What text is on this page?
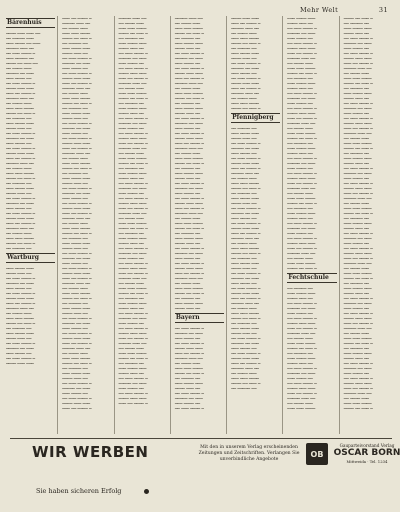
Mehr Welt	31
Bärenhuis
┅┅┅┅ ┅┅┅ ┅┅┅ ┅┅
┅┅ ┅┅┅┅┅ ┅┅┅
┅┅┅ ┅┅┅┅ ┅┅ ┅┅┅
┅┅┅┅┅ ┅┅┅ ┅┅
┅┅ ┅┅┅ ┅┅┅┅ ┅
┅┅┅ ┅┅┅┅┅ ┅┅
┅┅┅┅ ┅┅ ┅┅┅ ┅┅
┅┅ ┅┅┅┅ ┅┅┅
┅┅┅┅┅ ┅┅ ┅┅┅
┅┅┅ ┅┅┅┅ ┅┅
┅┅ ┅┅┅ ┅┅┅┅ ┅
┅┅┅┅ ┅┅┅ ┅┅┅
┅┅┅ ┅┅ ┅┅┅┅ ┅
┅┅┅┅┅ ┅┅┅ ┅┅
┅┅ ┅┅┅┅ ┅┅┅
┅┅┅ ┅┅┅ ┅┅┅┅
┅┅┅┅ ┅┅ ┅┅┅ ┅
┅┅ ┅┅┅┅┅ ┅┅
┅┅┅ ┅┅┅┅ ┅┅┅
┅┅┅┅ ┅┅┅ ┅┅
┅┅ ┅┅┅ ┅┅┅┅ ┅
┅┅┅┅┅ ┅┅ ┅┅┅
┅┅┅ ┅┅┅┅ ┅┅
┅┅ ┅┅┅ ┅┅┅┅ ┅
┅┅┅┅ ┅┅┅ ┅┅┅
┅┅┅ ┅┅ ┅┅┅┅ ┅
┅┅┅┅┅ ┅┅┅ ┅┅
┅┅ ┅┅┅┅ ┅┅┅
┅┅┅ ┅┅┅ ┅┅┅┅
┅┅┅┅ ┅┅ ┅┅┅ ┅
┅┅ ┅┅┅┅┅ ┅┅
┅┅┅ ┅┅┅┅ ┅┅┅
┅┅┅┅ ┅┅┅ ┅┅
┅┅ ┅┅┅ ┅┅┅┅ ┅
┅┅┅┅┅ ┅┅ ┅┅┅
┅┅┅ ┅┅┅┅ ┅┅
┅┅ ┅┅┅ ┅┅┅┅ ┅
┅┅┅┅ ┅┅┅ ┅┅┅
┅┅┅ ┅┅ ┅┅┅┅ ┅
┅┅┅┅┅ ┅┅┅ ┅┅
┅┅ ┅┅┅┅ ┅┅┅
┅┅┅ ┅┅┅ ┅┅┅┅
┅┅┅┅ ┅┅ ┅┅┅ ┅
┅┅ ┅┅┅┅┅ ┅┅
Wartburg
┅┅┅ ┅┅┅┅ ┅┅┅
┅┅┅┅ ┅┅┅ ┅┅
┅┅ ┅┅┅ ┅┅┅┅ ┅
┅┅┅┅┅ ┅┅ ┅┅┅
┅┅┅ ┅┅┅┅ ┅┅
┅┅ ┅┅┅ ┅┅┅┅ ┅
┅┅┅┅ ┅┅┅ ┅┅┅
┅┅┅ ┅┅ ┅┅┅┅ ┅
┅┅┅┅┅ ┅┅┅ ┅┅
┅┅ ┅┅┅┅ ┅┅┅
┅┅┅ ┅┅┅ ┅┅┅┅
┅┅┅┅ ┅┅ ┅┅┅ ┅
┅┅ ┅┅┅┅┅ ┅┅
┅┅┅ ┅┅┅┅ ┅┅┅
┅┅┅┅ ┅┅┅ ┅┅
┅┅ ┅┅┅ ┅┅┅┅ ┅
┅┅┅┅┅ ┅┅ ┅┅┅
┅┅┅ ┅┅┅┅ ┅┅
┅┅ ┅┅┅ ┅┅┅┅ ┅
┅┅┅┅ ┅┅┅ ┅┅┅
┅┅┅ ┅┅ ┅┅┅┅ ┅
┅┅┅┅┅ ┅┅┅ ┅┅
┅┅ ┅┅┅┅ ┅┅┅
┅┅┅ ┅┅┅ ┅┅┅┅
┅┅┅┅ ┅┅ ┅┅┅ ┅
┅┅ ┅┅┅┅┅ ┅┅
┅┅┅ ┅┅┅┅ ┅┅┅
┅┅┅┅ ┅┅┅ ┅┅
┅┅ ┅┅┅ ┅┅┅┅ ┅
┅┅┅┅┅ ┅┅ ┅┅┅
┅┅┅ ┅┅┅┅ ┅┅
┅┅ ┅┅┅ ┅┅┅┅ ┅
┅┅┅┅ ┅┅┅ ┅┅┅
┅┅┅ ┅┅ ┅┅┅┅ ┅
┅┅┅┅┅ ┅┅┅ ┅┅
┅┅ ┅┅┅┅ ┅┅┅
┅┅┅ ┅┅┅ ┅┅┅┅
┅┅┅┅ ┅┅ ┅┅┅ ┅
┅┅ ┅┅┅┅┅ ┅┅
┅┅┅ ┅┅┅┅ ┅┅┅
┅┅┅┅ ┅┅┅ ┅┅
┅┅ ┅┅┅ ┅┅┅┅ ┅
┅┅┅┅┅ ┅┅ ┅┅┅
┅┅┅ ┅┅┅┅ ┅┅
┅┅ ┅┅┅ ┅┅┅┅ ┅
┅┅┅┅ ┅┅┅ ┅┅┅
┅┅┅ ┅┅ ┅┅┅┅ ┅
┅┅┅┅┅ ┅┅┅ ┅┅
┅┅ ┅┅┅┅ ┅┅┅
┅┅┅ ┅┅┅ ┅┅┅┅
┅┅┅┅ ┅┅ ┅┅┅ ┅
┅┅ ┅┅┅┅┅ ┅┅
┅┅┅ ┅┅┅┅ ┅┅┅
┅┅┅┅ ┅┅┅ ┅┅
┅┅ ┅┅┅ ┅┅┅┅ ┅
┅┅┅┅┅ ┅┅ ┅┅┅
┅┅┅ ┅┅┅┅ ┅┅
┅┅ ┅┅┅ ┅┅┅┅ ┅
┅┅┅┅ ┅┅┅ ┅┅┅
┅┅┅ ┅┅ ┅┅┅┅ ┅
┅┅┅┅┅ ┅┅┅ ┅┅
┅┅ ┅┅┅┅ ┅┅┅
┅┅┅ ┅┅┅ ┅┅┅┅
┅┅┅┅ ┅┅ ┅┅┅ ┅
┅┅ ┅┅┅┅┅ ┅┅
┅┅┅ ┅┅┅┅ ┅┅┅
┅┅┅┅ ┅┅┅ ┅┅
┅┅ ┅┅┅ ┅┅┅┅ ┅
┅┅┅┅┅ ┅┅ ┅┅┅
┅┅┅ ┅┅┅┅ ┅┅
┅┅ ┅┅┅ ┅┅┅┅ ┅
┅┅┅┅ ┅┅┅ ┅┅┅
┅┅┅ ┅┅ ┅┅┅┅ ┅
┅┅┅┅┅ ┅┅┅ ┅┅
┅┅ ┅┅┅┅ ┅┅┅
┅┅┅ ┅┅┅ ┅┅┅┅
┅┅┅┅ ┅┅ ┅┅┅ ┅
┅┅ ┅┅┅┅┅ ┅┅
┅┅┅ ┅┅┅┅ ┅┅┅
┅┅┅┅ ┅┅┅ ┅┅
┅┅ ┅┅┅ ┅┅┅┅ ┅
┅┅┅┅┅ ┅┅ ┅┅┅
┅┅┅ ┅┅┅┅ ┅┅
┅┅ ┅┅┅ ┅┅┅┅ ┅
┅┅┅┅ ┅┅┅ ┅┅┅
┅┅┅ ┅┅ ┅┅┅┅ ┅
┅┅┅┅┅ ┅┅┅ ┅┅
┅┅ ┅┅┅┅ ┅┅┅
┅┅┅ ┅┅┅ ┅┅┅┅
┅┅┅┅ ┅┅ ┅┅┅ ┅
┅┅ ┅┅┅┅┅ ┅┅
┅┅┅ ┅┅┅┅ ┅┅┅
┅┅┅┅ ┅┅┅ ┅┅
┅┅ ┅┅┅ ┅┅┅┅ ┅
┅┅┅┅┅ ┅┅ ┅┅┅
┅┅┅ ┅┅┅┅ ┅┅
┅┅ ┅┅┅ ┅┅┅┅ ┅
┅┅┅┅ ┅┅┅ ┅┅┅
┅┅┅ ┅┅ ┅┅┅┅ ┅
┅┅┅┅┅ ┅┅┅ ┅┅
┅┅ ┅┅┅┅ ┅┅┅
┅┅┅ ┅┅┅ ┅┅┅┅
┅┅┅┅ ┅┅ ┅┅┅ ┅
┅┅ ┅┅┅┅┅ ┅┅
┅┅┅ ┅┅┅┅ ┅┅┅
┅┅┅┅ ┅┅┅ ┅┅
┅┅ ┅┅┅ ┅┅┅┅ ┅
┅┅┅┅┅ ┅┅ ┅┅┅
┅┅┅ ┅┅┅┅ ┅┅
┅┅ ┅┅┅ ┅┅┅┅ ┅
┅┅┅┅ ┅┅┅ ┅┅┅
┅┅┅ ┅┅ ┅┅┅┅ ┅
┅┅┅┅┅ ┅┅┅ ┅┅
┅┅ ┅┅┅┅ ┅┅┅
┅┅┅ ┅┅┅ ┅┅┅┅
┅┅┅┅ ┅┅ ┅┅┅ ┅
┅┅ ┅┅┅┅┅ ┅┅
┅┅┅ ┅┅┅┅ ┅┅┅
┅┅┅┅ ┅┅┅ ┅┅
┅┅ ┅┅┅ ┅┅┅┅ ┅
┅┅┅┅┅ ┅┅ ┅┅┅
┅┅┅ ┅┅┅┅ ┅┅
┅┅ ┅┅┅ ┅┅┅┅ ┅
┅┅┅┅ ┅┅┅ ┅┅┅
┅┅┅ ┅┅ ┅┅┅┅ ┅
┅┅┅┅┅ ┅┅┅ ┅┅
┅┅ ┅┅┅┅ ┅┅┅
┅┅┅ ┅┅┅ ┅┅┅┅
┅┅┅┅ ┅┅ ┅┅┅ ┅
┅┅ ┅┅┅┅┅ ┅┅
┅┅┅ ┅┅┅┅ ┅┅┅
┅┅┅┅ ┅┅┅ ┅┅
┅┅ ┅┅┅ ┅┅┅┅ ┅
┅┅┅┅┅ ┅┅ ┅┅┅
┅┅┅ ┅┅┅┅ ┅┅
┅┅ ┅┅┅ ┅┅┅┅ ┅
┅┅┅┅ ┅┅┅ ┅┅┅
┅┅┅ ┅┅ ┅┅┅┅ ┅
┅┅┅┅┅ ┅┅┅ ┅┅
┅┅ ┅┅┅┅ ┅┅┅
┅┅┅ ┅┅┅ ┅┅┅┅
┅┅┅┅ ┅┅ ┅┅┅ ┅
┅┅ ┅┅┅┅┅ ┅┅
┅┅┅ ┅┅┅┅ ┅┅┅
┅┅┅┅ ┅┅┅ ┅┅
┅┅ ┅┅┅ ┅┅┅┅ ┅
┅┅┅┅┅ ┅┅ ┅┅┅
┅┅┅ ┅┅┅┅ ┅┅
┅┅ ┅┅┅ ┅┅┅┅ ┅
┅┅┅┅ ┅┅┅ ┅┅┅
┅┅┅ ┅┅ ┅┅┅┅ ┅
┅┅┅┅┅ ┅┅┅ ┅┅
┅┅ ┅┅┅┅ ┅┅┅
┅┅┅ ┅┅┅ ┅┅┅┅
┅┅┅┅ ┅┅ ┅┅┅ ┅
┅┅ ┅┅┅┅┅ ┅┅
┅┅┅ ┅┅┅┅ ┅┅┅
┅┅┅┅ ┅┅┅ ┅┅
┅┅ ┅┅┅ ┅┅┅┅ ┅
┅┅┅┅┅ ┅┅ ┅┅┅
┅┅┅ ┅┅┅┅ ┅┅
┅┅ ┅┅┅ ┅┅┅┅ ┅
┅┅┅┅ ┅┅┅ ┅┅┅
┅┅┅ ┅┅ ┅┅┅┅ ┅
┅┅┅┅┅ ┅┅┅ ┅┅
┅┅ ┅┅┅┅ ┅┅┅
┅┅┅ ┅┅┅ ┅┅┅┅
┅┅┅┅ ┅┅ ┅┅┅ ┅
┅┅ ┅┅┅┅┅ ┅┅
┅┅┅ ┅┅┅┅ ┅┅┅
┅┅┅┅ ┅┅┅ ┅┅
┅┅ ┅┅┅ ┅┅┅┅ ┅
┅┅┅┅┅ ┅┅ ┅┅┅
┅┅┅ ┅┅┅┅ ┅┅
┅┅ ┅┅┅ ┅┅┅┅ ┅
┅┅┅┅ ┅┅┅ ┅┅┅
┅┅┅ ┅┅ ┅┅┅┅ ┅
┅┅┅┅┅ ┅┅┅ ┅┅
┅┅ ┅┅┅┅ ┅┅┅
┅┅┅ ┅┅┅ ┅┅┅┅
┅┅┅┅ ┅┅ ┅┅┅ ┅
┅┅ ┅┅┅┅┅ ┅┅
┅┅┅ ┅┅┅┅ ┅┅┅
┅┅┅┅ ┅┅┅ ┅┅
┅┅ ┅┅┅ ┅┅┅┅ ┅
┅┅┅┅┅ ┅┅ ┅┅┅
┅┅┅ ┅┅┅┅ ┅┅
┅┅ ┅┅┅ ┅┅┅┅ ┅
┅┅┅┅ ┅┅┅ ┅┅┅
┅┅┅ ┅┅ ┅┅┅┅ ┅
┅┅┅┅┅ ┅┅┅ ┅┅
┅┅ ┅┅┅┅ ┅┅┅
┅┅┅ ┅┅┅ ┅┅┅┅
┅┅┅┅ ┅┅ ┅┅┅ ┅
┅┅ ┅┅┅┅┅ ┅┅
┅┅┅ ┅┅┅┅ ┅┅┅
┅┅┅┅ ┅┅┅ ┅┅
┅┅ ┅┅┅ ┅┅┅┅ ┅
┅┅┅┅┅ ┅┅ ┅┅┅
┅┅┅ ┅┅┅┅ ┅┅
┅┅ ┅┅┅ ┅┅┅┅ ┅
┅┅┅┅ ┅┅┅ ┅┅┅
┅┅┅ ┅┅ ┅┅┅┅ ┅
┅┅┅┅┅ ┅┅┅ ┅┅
┅┅ ┅┅┅┅ ┅┅┅
┅┅┅ ┅┅┅ ┅┅┅┅
┅┅┅┅ ┅┅ ┅┅┅ ┅
┅┅ ┅┅┅┅┅ ┅┅
┅┅┅ ┅┅┅┅ ┅┅┅
┅┅┅┅ ┅┅┅ ┅┅
┅┅ ┅┅┅ ┅┅┅┅ ┅
┅┅┅┅┅ ┅┅ ┅┅┅
┅┅┅ ┅┅┅┅ ┅┅
┅┅ ┅┅┅ ┅┅┅┅ ┅
┅┅┅┅ ┅┅┅ ┅┅┅
┅┅┅ ┅┅ ┅┅┅┅ ┅
┅┅┅┅┅ ┅┅┅ ┅┅
┅┅ ┅┅┅┅ ┅┅┅
┅┅┅ ┅┅┅ ┅┅┅┅
┅┅┅┅ ┅┅ ┅┅┅ ┅
┅┅ ┅┅┅┅┅ ┅┅
┅┅┅ ┅┅┅┅ ┅┅┅
┅┅┅┅ ┅┅┅ ┅┅
┅┅ ┅┅┅ ┅┅┅┅ ┅
┅┅┅┅┅ ┅┅ ┅┅┅
┅┅┅ ┅┅┅┅ ┅┅
┅┅ ┅┅┅ ┅┅┅┅ ┅
┅┅┅┅ ┅┅┅ ┅┅┅
┅┅┅ ┅┅ ┅┅┅┅ ┅
┅┅┅┅┅ ┅┅┅ ┅┅
┅┅ ┅┅┅┅ ┅┅┅
┅┅┅ ┅┅┅ ┅┅┅┅
┅┅┅┅ ┅┅ ┅┅┅ ┅
┅┅ ┅┅┅┅┅ ┅┅
┅┅┅ ┅┅┅┅ ┅┅┅
┅┅┅┅ ┅┅┅ ┅┅
Bayern
┅┅ ┅┅┅ ┅┅┅┅ ┅
┅┅┅┅┅ ┅┅ ┅┅┅
┅┅┅ ┅┅┅┅ ┅┅
┅┅ ┅┅┅ ┅┅┅┅ ┅
┅┅┅┅ ┅┅┅ ┅┅┅
┅┅┅ ┅┅ ┅┅┅┅ ┅
┅┅┅┅┅ ┅┅┅ ┅┅
┅┅ ┅┅┅┅ ┅┅┅
┅┅┅ ┅┅┅ ┅┅┅┅
┅┅┅┅ ┅┅ ┅┅┅ ┅
┅┅ ┅┅┅┅┅ ┅┅
┅┅┅ ┅┅┅┅ ┅┅┅
┅┅┅┅ ┅┅┅ ┅┅
┅┅ ┅┅┅ ┅┅┅┅ ┅
┅┅┅┅┅ ┅┅ ┅┅┅
┅┅┅ ┅┅┅┅ ┅┅
┅┅ ┅┅┅ ┅┅┅┅ ┅
┅┅┅┅ ┅┅┅ ┅┅┅
┅┅┅ ┅┅ ┅┅┅┅ ┅
┅┅┅┅┅ ┅┅┅ ┅┅
┅┅ ┅┅┅┅ ┅┅┅
┅┅┅ ┅┅┅ ┅┅┅┅
┅┅┅┅ ┅┅ ┅┅┅ ┅
┅┅ ┅┅┅┅┅ ┅┅
┅┅┅ ┅┅┅┅ ┅┅┅
┅┅┅┅ ┅┅┅ ┅┅
┅┅ ┅┅┅ ┅┅┅┅ ┅
┅┅┅┅┅ ┅┅ ┅┅┅
┅┅┅ ┅┅┅┅ ┅┅
┅┅ ┅┅┅ ┅┅┅┅ ┅
┅┅┅┅ ┅┅┅ ┅┅┅
┅┅┅ ┅┅ ┅┅┅┅ ┅
┅┅┅┅┅ ┅┅┅ ┅┅
┅┅ ┅┅┅┅ ┅┅┅
┅┅┅ ┅┅┅ ┅┅┅┅
┅┅┅┅ ┅┅ ┅┅┅ ┅
Pfennigberg
┅┅ ┅┅┅┅┅ ┅┅
┅┅┅ ┅┅┅┅ ┅┅┅
┅┅┅┅ ┅┅┅ ┅┅
┅┅ ┅┅┅ ┅┅┅┅ ┅
┅┅┅┅┅ ┅┅ ┅┅┅
┅┅┅ ┅┅┅┅ ┅┅
┅┅ ┅┅┅ ┅┅┅┅ ┅
┅┅┅┅ ┅┅┅ ┅┅┅
┅┅┅ ┅┅ ┅┅┅┅ ┅
┅┅┅┅┅ ┅┅┅ ┅┅
┅┅ ┅┅┅┅ ┅┅┅
┅┅┅ ┅┅┅ ┅┅┅┅
┅┅┅┅ ┅┅ ┅┅┅ ┅
┅┅ ┅┅┅┅┅ ┅┅
┅┅┅ ┅┅┅┅ ┅┅┅
┅┅┅┅ ┅┅┅ ┅┅
┅┅ ┅┅┅ ┅┅┅┅ ┅
┅┅┅┅┅ ┅┅ ┅┅┅
┅┅┅ ┅┅┅┅ ┅┅
┅┅ ┅┅┅ ┅┅┅┅ ┅
┅┅┅┅ ┅┅┅ ┅┅┅
┅┅┅ ┅┅ ┅┅┅┅ ┅
┅┅┅┅┅ ┅┅┅ ┅┅
┅┅ ┅┅┅┅ ┅┅┅
┅┅┅ ┅┅┅ ┅┅┅┅
┅┅┅┅ ┅┅ ┅┅┅ ┅
┅┅ ┅┅┅┅┅ ┅┅
┅┅┅ ┅┅┅┅ ┅┅┅
┅┅┅┅ ┅┅┅ ┅┅
┅┅ ┅┅┅ ┅┅┅┅ ┅
┅┅┅┅┅ ┅┅ ┅┅┅
┅┅┅ ┅┅┅┅ ┅┅
┅┅ ┅┅┅ ┅┅┅┅ ┅
┅┅┅┅ ┅┅┅ ┅┅┅
┅┅┅ ┅┅ ┅┅┅┅ ┅
┅┅┅┅┅ ┅┅┅ ┅┅
┅┅ ┅┅┅┅ ┅┅┅
┅┅┅ ┅┅┅ ┅┅┅┅
┅┅┅┅ ┅┅ ┅┅┅ ┅
┅┅ ┅┅┅┅┅ ┅┅
┅┅┅ ┅┅┅┅ ┅┅┅
┅┅┅┅ ┅┅┅ ┅┅
┅┅ ┅┅┅ ┅┅┅┅ ┅
┅┅┅┅┅ ┅┅ ┅┅┅
┅┅┅ ┅┅┅┅ ┅┅
┅┅ ┅┅┅ ┅┅┅┅ ┅
┅┅┅┅ ┅┅┅ ┅┅┅
┅┅┅ ┅┅ ┅┅┅┅ ┅
┅┅┅┅┅ ┅┅┅ ┅┅
┅┅ ┅┅┅┅ ┅┅┅
┅┅┅ ┅┅┅ ┅┅┅┅
┅┅┅┅ ┅┅ ┅┅┅ ┅
┅┅ ┅┅┅┅┅ ┅┅
┅┅┅ ┅┅┅┅ ┅┅┅
┅┅┅┅ ┅┅┅ ┅┅
┅┅ ┅┅┅ ┅┅┅┅ ┅
┅┅┅┅┅ ┅┅ ┅┅┅
┅┅┅ ┅┅┅┅ ┅┅
┅┅ ┅┅┅ ┅┅┅┅ ┅
┅┅┅┅ ┅┅┅ ┅┅┅
┅┅┅ ┅┅ ┅┅┅┅ ┅
┅┅┅┅┅ ┅┅┅ ┅┅
┅┅ ┅┅┅┅ ┅┅┅
┅┅┅ ┅┅┅ ┅┅┅┅
┅┅┅┅ ┅┅ ┅┅┅ ┅
┅┅ ┅┅┅┅┅ ┅┅
┅┅┅ ┅┅┅┅ ┅┅┅
┅┅┅┅ ┅┅┅ ┅┅
┅┅ ┅┅┅ ┅┅┅┅ ┅
┅┅┅┅┅ ┅┅ ┅┅┅
┅┅┅ ┅┅┅┅ ┅┅
┅┅ ┅┅┅ ┅┅┅┅ ┅
┅┅┅┅ ┅┅┅ ┅┅┅
┅┅┅ ┅┅ ┅┅┅┅ ┅
┅┅┅┅┅ ┅┅┅ ┅┅
┅┅ ┅┅┅┅ ┅┅┅
┅┅┅ ┅┅┅ ┅┅┅┅
┅┅┅┅ ┅┅ ┅┅┅ ┅
┅┅ ┅┅┅┅┅ ┅┅
┅┅┅ ┅┅┅┅ ┅┅┅
┅┅┅┅ ┅┅┅ ┅┅
┅┅ ┅┅┅ ┅┅┅┅ ┅
┅┅┅┅┅ ┅┅ ┅┅┅
┅┅┅ ┅┅┅┅ ┅┅
┅┅ ┅┅┅ ┅┅┅┅ ┅
┅┅┅┅ ┅┅┅ ┅┅┅
┅┅┅ ┅┅ ┅┅┅┅ ┅
┅┅┅┅┅ ┅┅┅ ┅┅
┅┅ ┅┅┅┅ ┅┅┅
┅┅┅ ┅┅┅ ┅┅┅┅
┅┅┅┅ ┅┅ ┅┅┅ ┅
┅┅ ┅┅┅┅┅ ┅┅
┅┅┅ ┅┅┅┅ ┅┅┅
┅┅┅┅ ┅┅┅ ┅┅
┅┅ ┅┅┅ ┅┅┅┅ ┅
┅┅┅┅┅ ┅┅ ┅┅┅
┅┅┅ ┅┅┅┅ ┅┅
┅┅ ┅┅┅ ┅┅┅┅ ┅
┅┅┅┅ ┅┅┅ ┅┅┅
┅┅┅ ┅┅ ┅┅┅┅ ┅
┅┅┅┅┅ ┅┅┅ ┅┅
┅┅ ┅┅┅┅ ┅┅┅
┅┅┅ ┅┅┅ ┅┅┅┅
┅┅┅┅ ┅┅ ┅┅┅ ┅
Fechtschule
┅┅ ┅┅┅┅┅ ┅┅
┅┅┅ ┅┅┅┅ ┅┅┅
┅┅┅┅ ┅┅┅ ┅┅
┅┅ ┅┅┅ ┅┅┅┅ ┅
┅┅┅┅┅ ┅┅ ┅┅┅
┅┅┅ ┅┅┅┅ ┅┅
┅┅ ┅┅┅ ┅┅┅┅ ┅
┅┅┅┅ ┅┅┅ ┅┅┅
┅┅┅ ┅┅ ┅┅┅┅ ┅
┅┅┅┅┅ ┅┅┅ ┅┅
┅┅ ┅┅┅┅ ┅┅┅
┅┅┅ ┅┅┅ ┅┅┅┅
┅┅┅┅ ┅┅ ┅┅┅ ┅
┅┅ ┅┅┅┅┅ ┅┅
┅┅┅ ┅┅┅┅ ┅┅┅
┅┅┅┅ ┅┅┅ ┅┅
┅┅ ┅┅┅ ┅┅┅┅ ┅
┅┅┅┅┅ ┅┅ ┅┅┅
┅┅┅ ┅┅┅┅ ┅┅
┅┅ ┅┅┅ ┅┅┅┅ ┅
┅┅┅┅ ┅┅┅ ┅┅┅
┅┅┅ ┅┅ ┅┅┅┅ ┅
┅┅┅┅┅ ┅┅┅ ┅┅
┅┅ ┅┅┅┅ ┅┅┅
┅┅┅ ┅┅┅ ┅┅┅┅
┅┅┅┅ ┅┅ ┅┅┅ ┅
┅┅ ┅┅┅┅┅ ┅┅
┅┅┅ ┅┅┅┅ ┅┅┅
┅┅┅┅ ┅┅┅ ┅┅
┅┅ ┅┅┅ ┅┅┅┅ ┅
┅┅┅┅┅ ┅┅ ┅┅┅
┅┅┅ ┅┅┅┅ ┅┅
┅┅ ┅┅┅ ┅┅┅┅ ┅
┅┅┅┅ ┅┅┅ ┅┅┅
┅┅┅ ┅┅ ┅┅┅┅ ┅
┅┅┅┅┅ ┅┅┅ ┅┅
┅┅ ┅┅┅┅ ┅┅┅
┅┅┅ ┅┅┅ ┅┅┅┅
┅┅┅┅ ┅┅ ┅┅┅ ┅
┅┅ ┅┅┅┅┅ ┅┅
┅┅┅ ┅┅┅┅ ┅┅┅
┅┅┅┅ ┅┅┅ ┅┅
┅┅ ┅┅┅ ┅┅┅┅ ┅
┅┅┅┅┅ ┅┅ ┅┅┅
┅┅┅ ┅┅┅┅ ┅┅
┅┅ ┅┅┅ ┅┅┅┅ ┅
┅┅┅┅ ┅┅┅ ┅┅┅
┅┅┅ ┅┅ ┅┅┅┅ ┅
┅┅┅┅┅ ┅┅┅ ┅┅
┅┅ ┅┅┅┅ ┅┅┅
┅┅┅ ┅┅┅ ┅┅┅┅
┅┅┅┅ ┅┅ ┅┅┅ ┅
┅┅ ┅┅┅┅┅ ┅┅
┅┅┅ ┅┅┅┅ ┅┅┅
┅┅┅┅ ┅┅┅ ┅┅
┅┅ ┅┅┅ ┅┅┅┅ ┅
┅┅┅┅┅ ┅┅ ┅┅┅
┅┅┅ ┅┅┅┅ ┅┅
┅┅ ┅┅┅ ┅┅┅┅ ┅
┅┅┅┅ ┅┅┅ ┅┅┅
┅┅┅ ┅┅ ┅┅┅┅ ┅
┅┅┅┅┅ ┅┅┅ ┅┅
┅┅ ┅┅┅┅ ┅┅┅
┅┅┅ ┅┅┅ ┅┅┅┅
┅┅┅┅ ┅┅ ┅┅┅ ┅
┅┅ ┅┅┅┅┅ ┅┅
┅┅┅ ┅┅┅┅ ┅┅┅
┅┅┅┅ ┅┅┅ ┅┅
┅┅ ┅┅┅ ┅┅┅┅ ┅
┅┅┅┅┅ ┅┅ ┅┅┅
┅┅┅ ┅┅┅┅ ┅┅
┅┅ ┅┅┅ ┅┅┅┅ ┅
┅┅┅┅ ┅┅┅ ┅┅┅
┅┅┅ ┅┅ ┅┅┅┅ ┅
┅┅┅┅┅ ┅┅┅ ┅┅
┅┅ ┅┅┅┅ ┅┅┅
┅┅┅ ┅┅┅ ┅┅┅┅
┅┅┅┅ ┅┅ ┅┅┅ ┅
┅┅ ┅┅┅┅┅ ┅┅
┅┅┅ ┅┅┅┅ ┅┅┅
┅┅┅┅ ┅┅┅ ┅┅
┅┅ ┅┅┅ ┅┅┅┅ ┅
┅┅┅┅┅ ┅┅ ┅┅┅
┅┅┅ ┅┅┅┅ ┅┅
┅┅ ┅┅┅ ┅┅┅┅ ┅
┅┅┅┅ ┅┅┅ ┅┅┅
┅┅┅ ┅┅ ┅┅┅┅ ┅
┅┅┅┅┅ ┅┅┅ ┅┅
┅┅ ┅┅┅┅ ┅┅┅
┅┅┅ ┅┅┅ ┅┅┅┅
┅┅┅┅ ┅┅ ┅┅┅ ┅
┅┅ ┅┅┅┅┅ ┅┅
┅┅┅ ┅┅┅┅ ┅┅┅
┅┅┅┅ ┅┅┅ ┅┅
┅┅ ┅┅┅ ┅┅┅┅ ┅
┅┅┅┅┅ ┅┅ ┅┅┅
┅┅┅ ┅┅┅┅ ┅┅
┅┅ ┅┅┅ ┅┅┅┅ ┅
┅┅┅┅ ┅┅┅ ┅┅┅
┅┅┅ ┅┅ ┅┅┅┅ ┅
┅┅┅┅┅ ┅┅┅ ┅┅
┅┅ ┅┅┅┅ ┅┅┅
┅┅┅ ┅┅┅ ┅┅┅┅
┅┅┅┅ ┅┅ ┅┅┅ ┅
WIR WERBEN
Sie haben sicheren Erfolg
Mit den in unserem Verlag erscheinenden Zeitungen und Zeitschriften. Verlangen Sie unverbindliche Angebote
OB
Gauparteivorstand Verlag
OSCAR BORN
Mittweida · Tel. 1234
